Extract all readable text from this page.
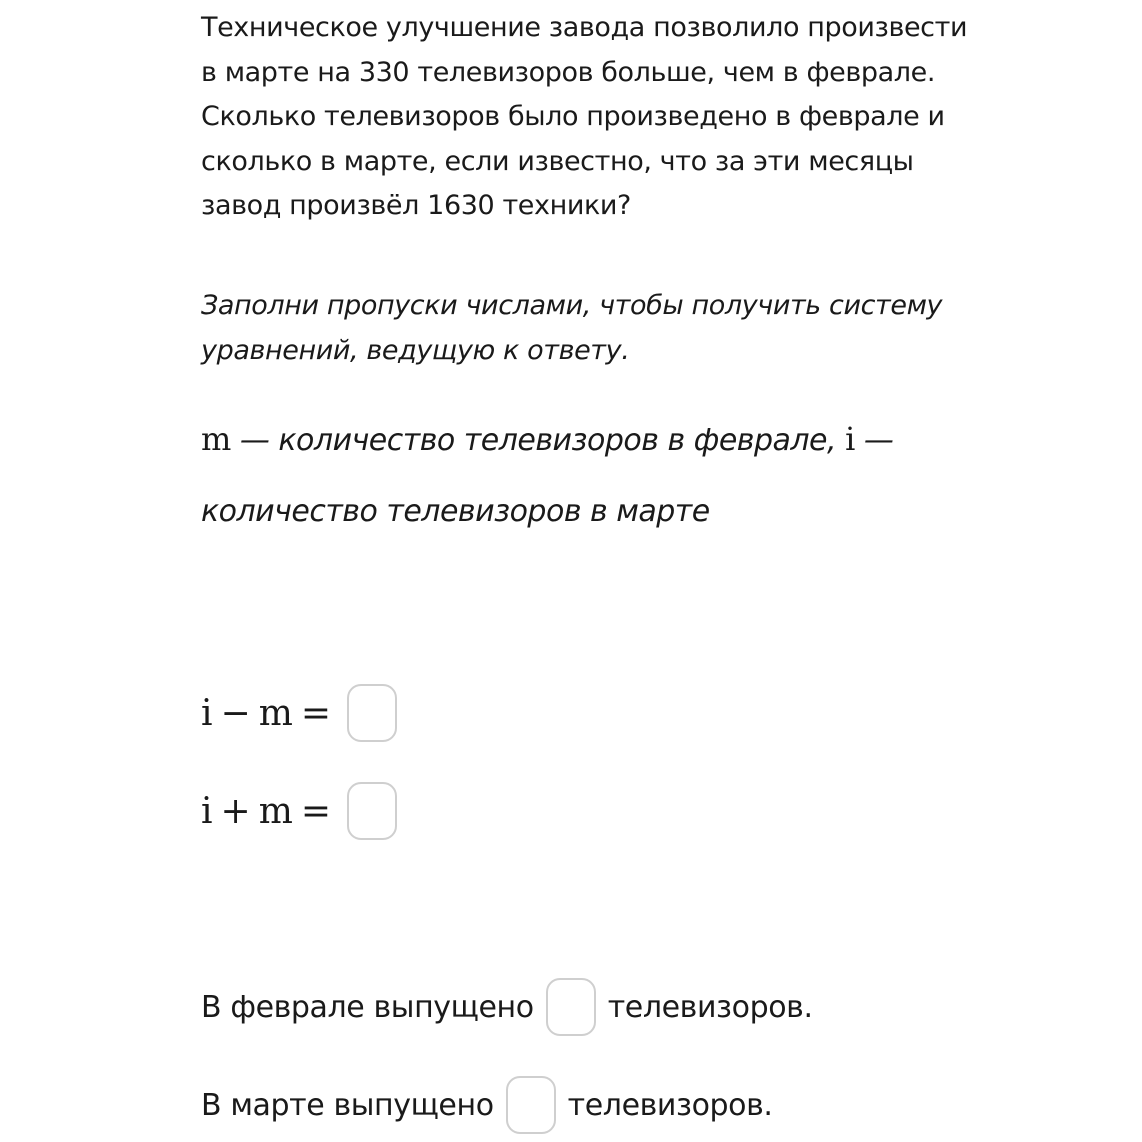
Техническое улучшение завода позволило произвести
в марте на 330 телевизоров больше, чем в феврале.
Сколько телевизоров было произведено в феврале и
сколько в марте, если известно, что за эти месяцы
завод произвёл 1630 техники?
Заполни пропуски числами, чтобы получить систему
уравнений, ведущую к ответу.
m — количество телевизоров в феврале, i —
количество телевизоров в марте
i − m =
i + m =
В феврале выпущено телевизоров.
В марте выпущено телевизоров.
